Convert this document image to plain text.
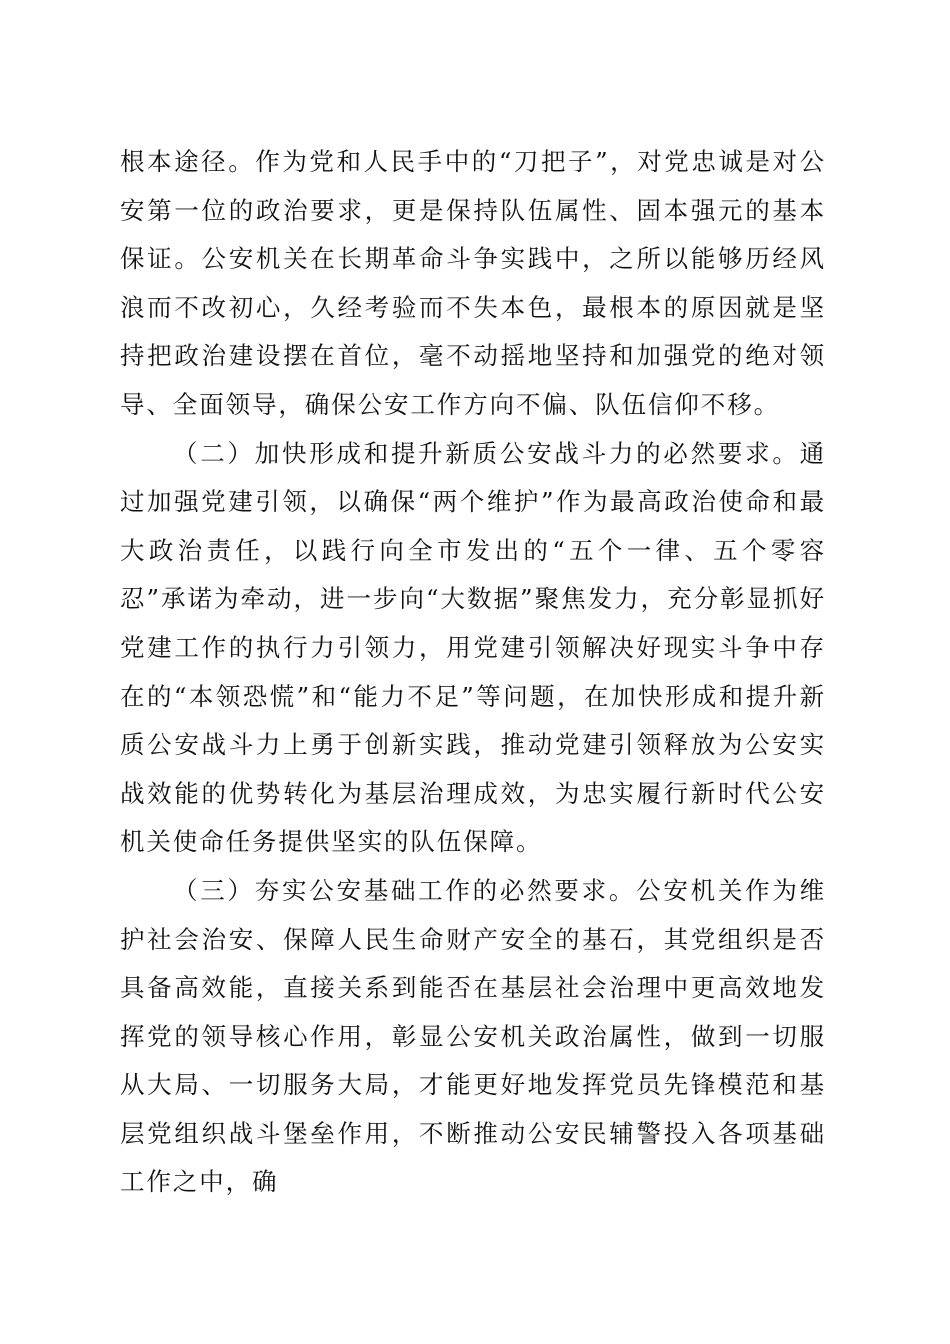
根本途径。作为党和人民手中的“刀把子”，对党忠诚是对公安第一位的政治要求，更是保持队伍属性、固本强元的基本保证。公安机关在长期革命斗争实践中，之所以能够历经风浪而不改初心，久经考验而不失本色，最根本的原因就是坚持把政治建设摆在首位，毫不动摇地坚持和加强党的绝对领导、全面领导，确保公安工作方向不偏、队伍信仰不移。

（二）加快形成和提升新质公安战斗力的必然要求。通过加强党建引领，以确保“两个维护”作为最高政治使命和最大政治责任，以践行向全市发出的“五个一律、五个零容忍”承诺为牵动，进一步向“大数据”聚焦发力，充分彰显抓好党建工作的执行力引领力，用党建引领解决好现实斗争中存在的“本领恐慌”和“能力不足”等问题，在加快形成和提升新质公安战斗力上勇于创新实践，推动党建引领释放为公安实战效能的优势转化为基层治理成效，为忠实履行新时代公安机关使命任务提供坚实的队伍保障。

（三）夯实公安基础工作的必然要求。公安机关作为维护社会治安、保障人民生命财产安全的基石，其党组织是否具备高效能，直接关系到能否在基层社会治理中更高效地发挥党的领导核心作用，彰显公安机关政治属性，做到一切服从大局、一切服务大局，才能更好地发挥党员先锋模范和基层党组织战斗堡垒作用，不断推动公安民辅警投入各项基础工作之中，确
